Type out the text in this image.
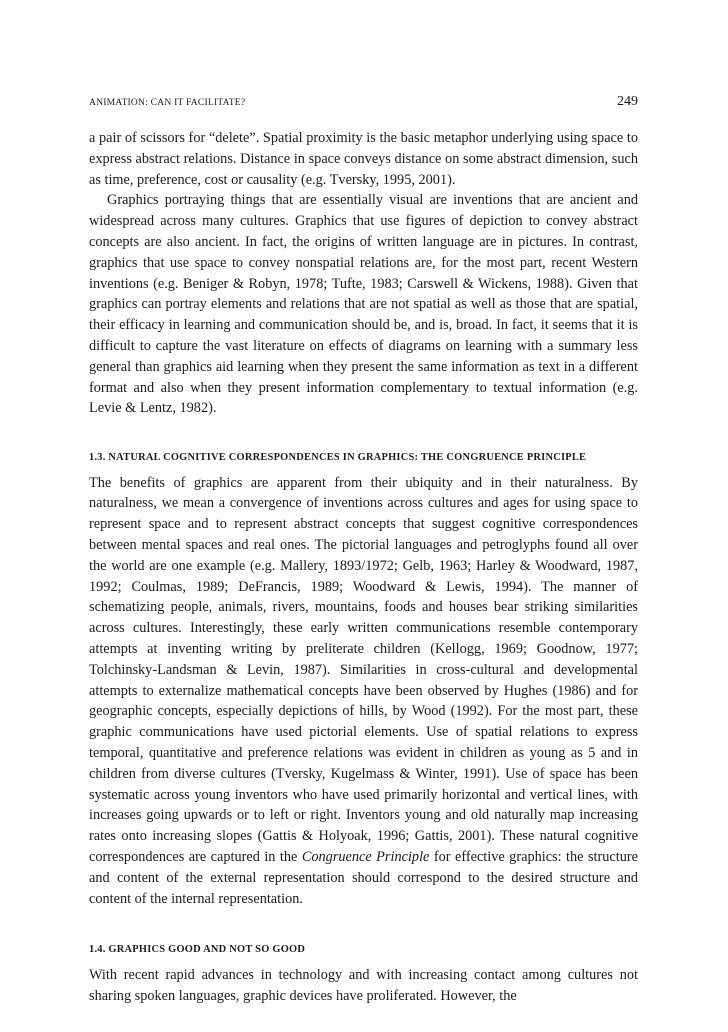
ANIMATION: CAN IT FACILITATE?	249

a pair of scissors for “delete”. Spatial proximity is the basic metaphor underlying using space to express abstract relations. Distance in space conveys distance on some abstract dimension, such as time, preference, cost or causality (e.g. Tversky, 1995, 2001).

Graphics portraying things that are essentially visual are inventions that are ancient and widespread across many cultures. Graphics that use figures of depiction to convey abstract concepts are also ancient. In fact, the origins of written language are in pictures. In contrast, graphics that use space to convey nonspatial relations are, for the most part, recent Western inventions (e.g. Beniger & Robyn, 1978; Tufte, 1983; Carswell & Wickens, 1988). Given that graphics can portray elements and relations that are not spatial as well as those that are spatial, their efficacy in learning and communication should be, and is, broad. In fact, it seems that it is difficult to capture the vast literature on effects of diagrams on learning with a summary less general than graphics aid learning when they present the same information as text in a different format and also when they present information complementary to textual information (e.g. Levie & Lentz, 1982).

1.3. NATURAL COGNITIVE CORRESPONDENCES IN GRAPHICS: THE CONGRUENCE PRINCIPLE

The benefits of graphics are apparent from their ubiquity and in their naturalness. By naturalness, we mean a convergence of inventions across cultures and ages for using space to represent space and to represent abstract concepts that suggest cognitive correspondences between mental spaces and real ones. The pictorial languages and petroglyphs found all over the world are one example (e.g. Mallery, 1893/1972; Gelb, 1963; Harley & Woodward, 1987, 1992; Coulmas, 1989; DeFrancis, 1989; Woodward & Lewis, 1994). The manner of schematizing people, animals, rivers, mountains, foods and houses bear striking similarities across cultures. Interestingly, these early written communications resemble contemporary attempts at inventing writing by preliterate children (Kellogg, 1969; Goodnow, 1977; Tolchinsky-Landsman & Levin, 1987). Similarities in cross-cultural and developmental attempts to externalize mathematical concepts have been observed by Hughes (1986) and for geographic concepts, especially depictions of hills, by Wood (1992). For the most part, these graphic communications have used pictorial elements. Use of spatial relations to express temporal, quantitative and preference relations was evident in children as young as 5 and in children from diverse cultures (Tversky, Kugelmass & Winter, 1991). Use of space has been systematic across young inventors who have used primarily horizontal and vertical lines, with increases going upwards or to left or right. Inventors young and old naturally map increasing rates onto increasing slopes (Gattis & Holyoak, 1996; Gattis, 2001). These natural cognitive correspondences are captured in the Congruence Principle for effective graphics: the structure and content of the external representation should correspond to the desired structure and content of the internal representation.

1.4. GRAPHICS GOOD AND NOT SO GOOD

With recent rapid advances in technology and with increasing contact among cultures not sharing spoken languages, graphic devices have proliferated. However, the
